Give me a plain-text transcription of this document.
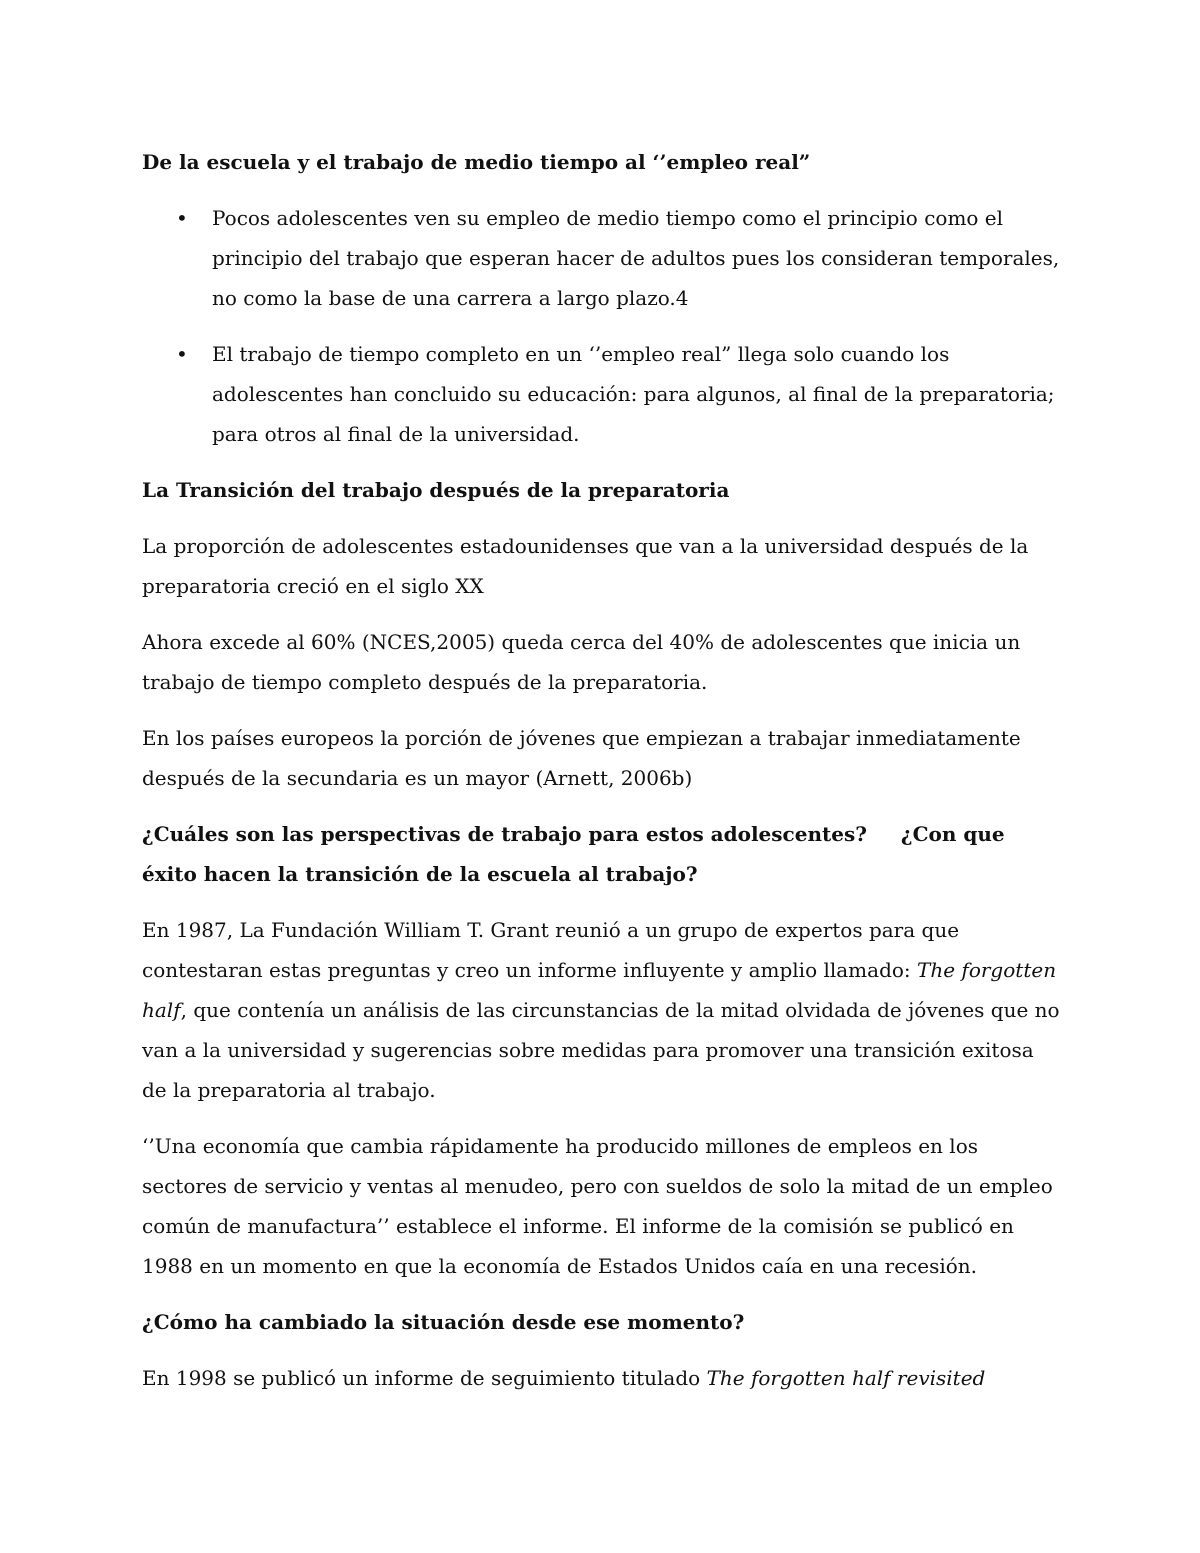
De la escuela y el trabajo de medio tiempo al ‘’empleo real”
• Pocos adolescentes ven su empleo de medio tiempo como el principio como el principio del trabajo que esperan hacer de adultos pues los consideran temporales, no como la base de una carrera a largo plazo.4
• El trabajo de tiempo completo en un ‘’empleo real” llega solo cuando los adolescentes han concluido su educación: para algunos, al final de la preparatoria; para otros al final de la universidad.
La Transición del trabajo después de la preparatoria
La proporción de adolescentes estadounidenses que van a la universidad después de la preparatoria creció en el siglo XX
Ahora excede al 60% (NCES,2005) queda cerca del 40% de adolescentes que inicia un trabajo de tiempo completo después de la preparatoria.
En los países europeos la porción de jóvenes que empiezan a trabajar inmediatamente después de la secundaria es un mayor (Arnett, 2006b)
¿Cuáles son las perspectivas de trabajo para estos adolescentes? ¿Con que éxito hacen la transición de la escuela al trabajo?
En 1987, La Fundación William T. Grant reunió a un grupo de expertos para que contestaran estas preguntas y creo un informe influyente y amplio llamado: The forgotten half, que contenía un análisis de las circunstancias de la mitad olvidada de jóvenes que no van a la universidad y sugerencias sobre medidas para promover una transición exitosa de la preparatoria al trabajo.
‘’Una economía que cambia rápidamente ha producido millones de empleos en los sectores de servicio y ventas al menudeo, pero con sueldos de solo la mitad de un empleo común de manufactura’’ establece el informe. El informe de la comisión se publicó en 1988 en un momento en que la economía de Estados Unidos caía en una recesión.
¿Cómo ha cambiado la situación desde ese momento?
En 1998 se publicó un informe de seguimiento titulado The forgotten half revisited
